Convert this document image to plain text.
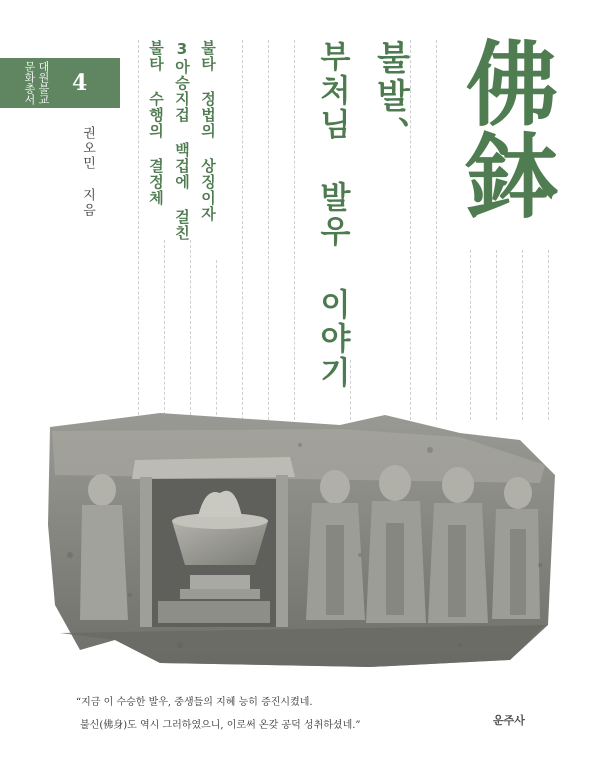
대원불교문화총서	4
권오민 지음	불타 정법의 상징이자
3아승지겁 백겁에 걸친
불타 수행의 결정체	불발、
부처님 발우 이야기 佛鉢
“지금 이 수승한 발우, 중생들의 지혜 능히 증진시켰네.
불신(佛身)도 역시 그러하였으니, 이로써 온갖 공덕 성취하셨네.”	운주사
